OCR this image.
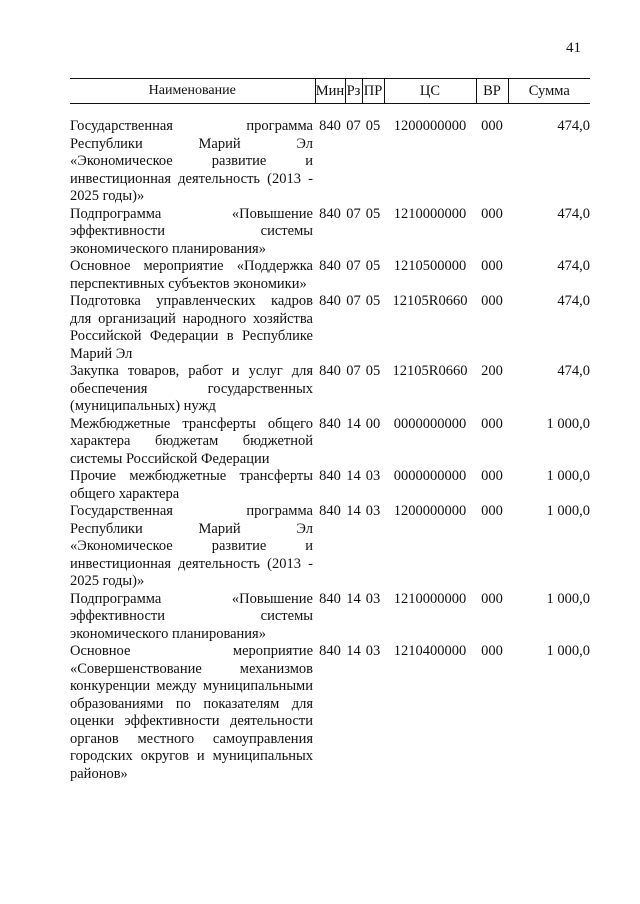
41
Наименование	Мин	Рз	ПР	ЦС	ВР	Сумма

Государственная программа Республики Марий Эл «Экономическое развитие и инвестиционная деятельность (2013 - 2025 годы)»	840	07	05	1200000000	000	474,0
Подпрограмма «Повышение эффективности системы экономического планирования»	840	07	05	1210000000	000	474,0
Основное мероприятие «Поддержка перспективных субъектов экономики»	840	07	05	1210500000	000	474,0
Подготовка управленческих кадров для организаций народного хозяйства Российской Федерации в Республике Марий Эл	840	07	05	12105R0660	000	474,0
Закупка товаров, работ и услуг для обеспечения государственных (муниципальных) нужд	840	07	05	12105R0660	200	474,0
Межбюджетные трансферты общего характера бюджетам бюджетной системы Российской Федерации	840	14	00	0000000000	000	1 000,0
Прочие межбюджетные трансферты общего характера	840	14	03	0000000000	000	1 000,0
Государственная программа Республики Марий Эл «Экономическое развитие и инвестиционная деятельность (2013 - 2025 годы)»	840	14	03	1200000000	000	1 000,0
Подпрограмма «Повышение эффективности системы экономического планирования»	840	14	03	1210000000	000	1 000,0
Основное мероприятие «Совершенствование механизмов конкуренции между муниципальными образованиями по показателям для оценки эффективности деятельности органов местного самоуправления городских округов и муниципальных районов»	840	14	03	1210400000	000	1 000,0
